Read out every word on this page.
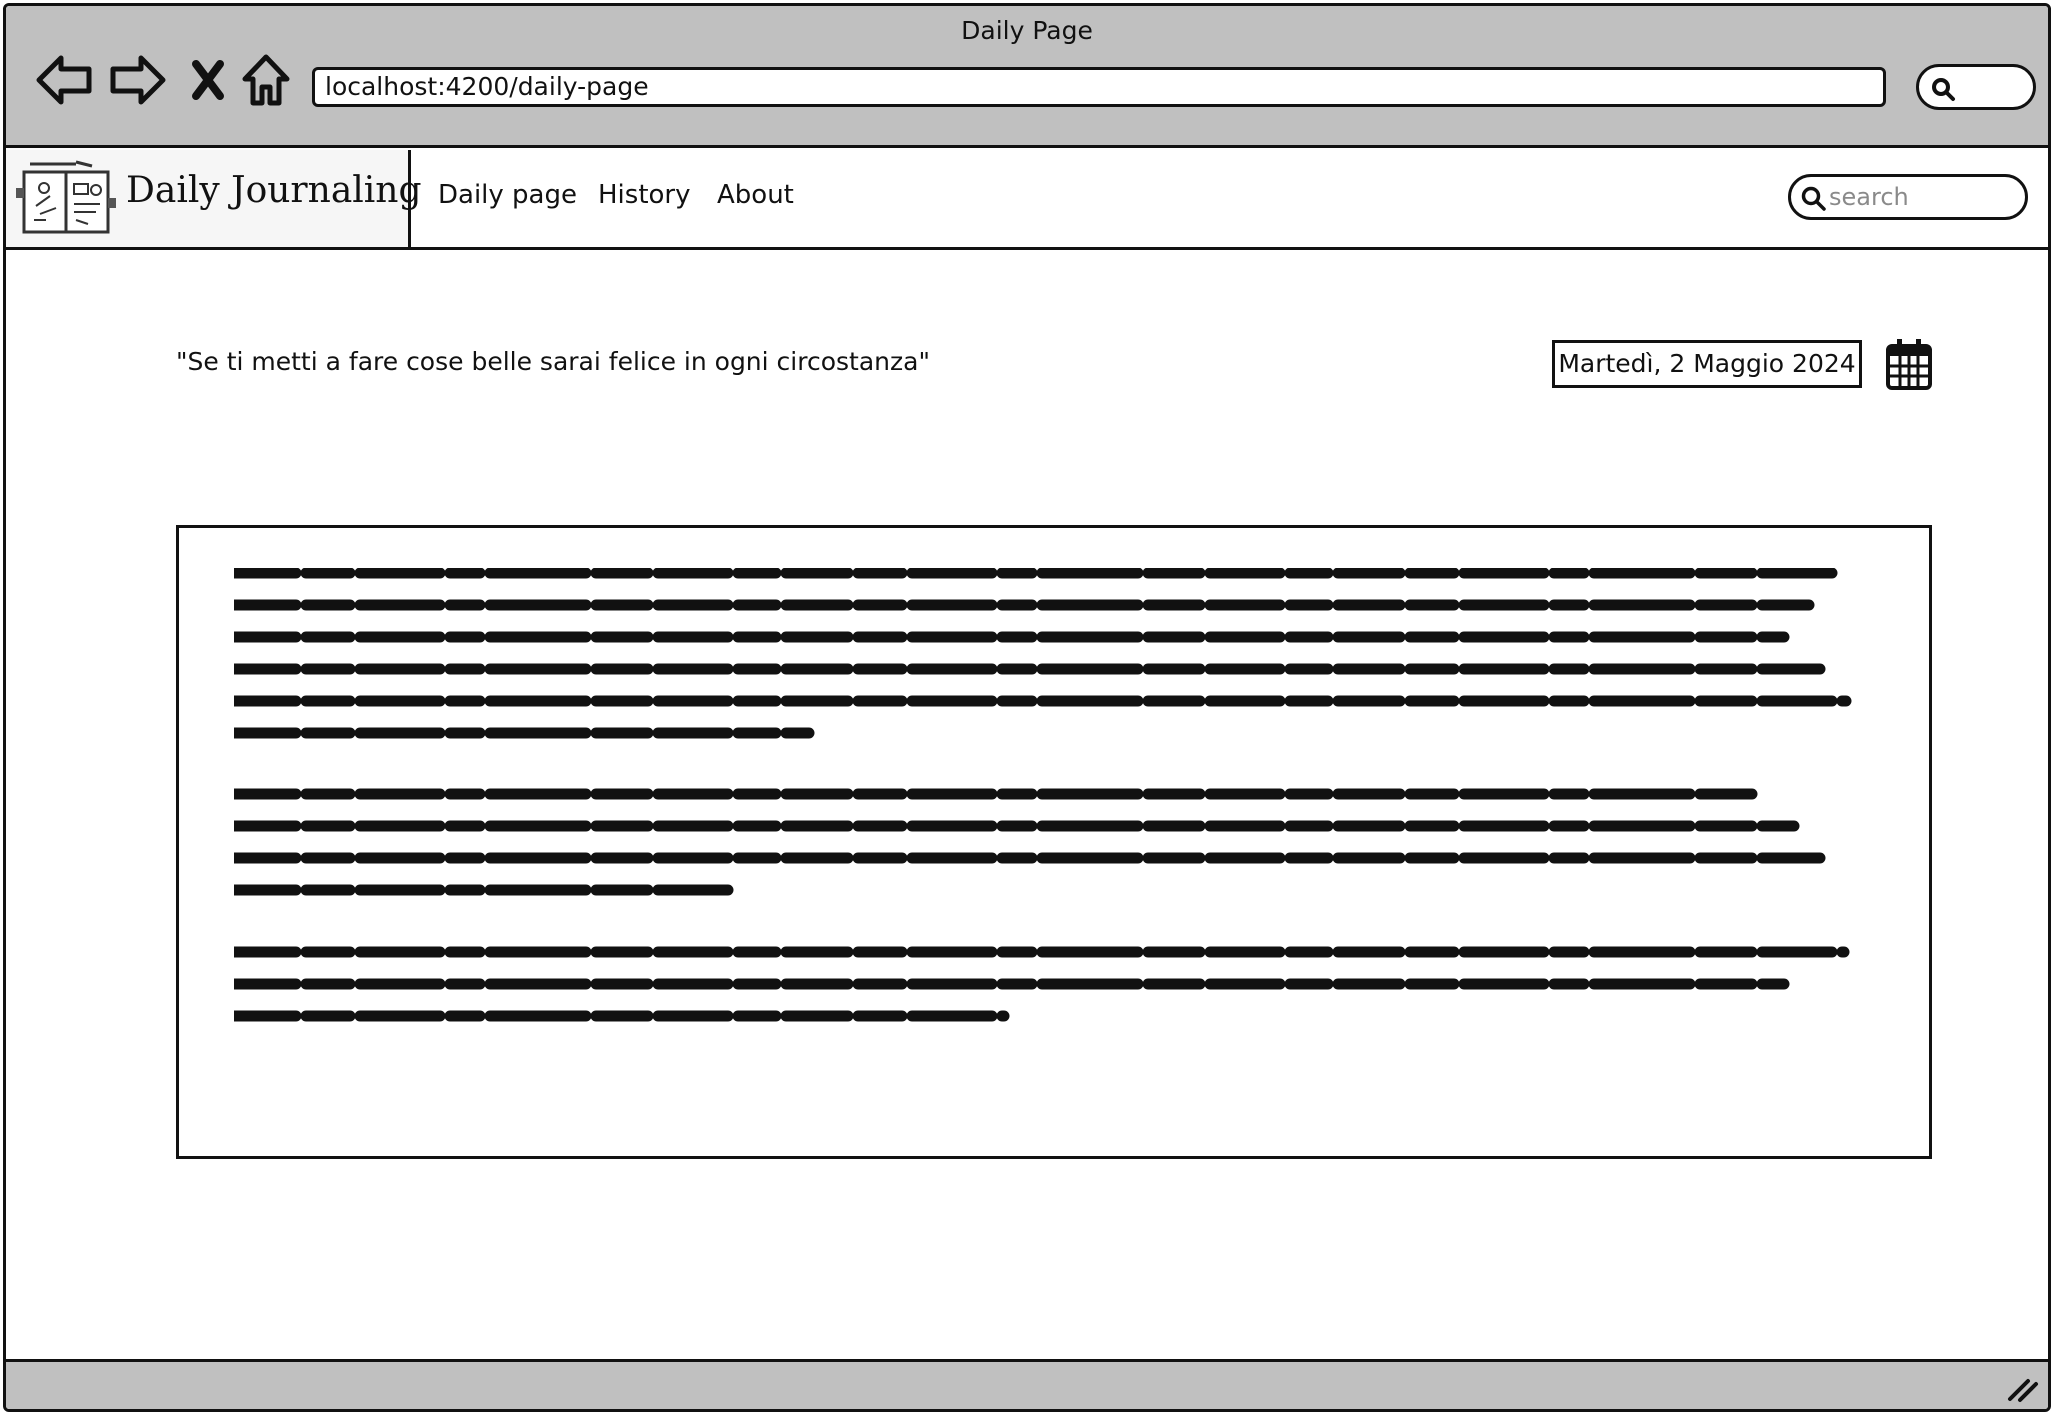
Daily Page
localhost:4200/daily-page
Daily Journaling Daily page History About
search
"Se ti metti a fare cose belle sarai felice in ogni circostanza"	Martedì, 2 Maggio 2024
